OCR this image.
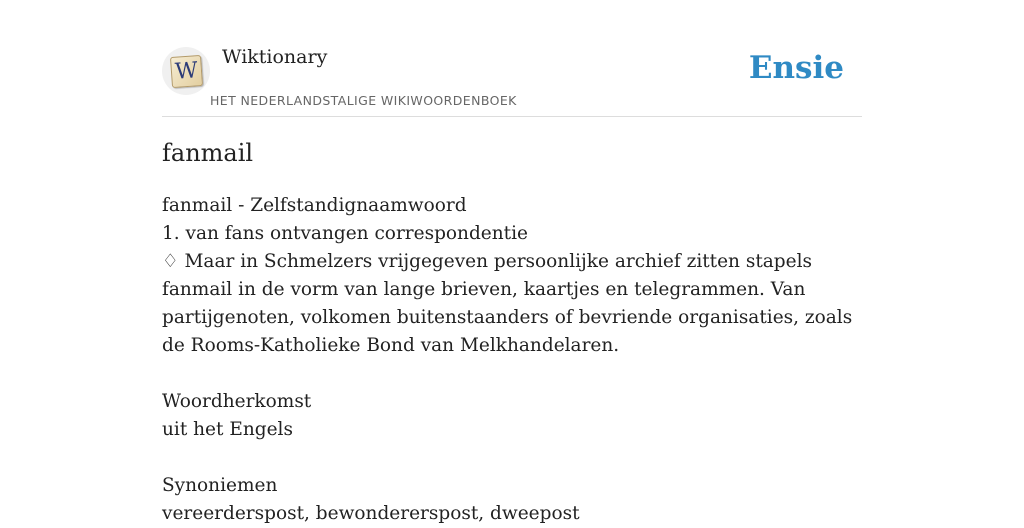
W
Wiktionary
HET NEDERLANDSTALIGE WIKIWOORDENBOEK
Ensie
fanmail

fanmail - Zelfstandignaamwoord

1. van fans ontvangen correspondentie

♢ Maar in Schmelzers vrijgegeven persoonlijke archief zitten stapels fanmail in de vorm van lange brieven, kaartjes en telegrammen. Van partijgenoten, volkomen buitenstaanders of bevriende organisaties, zoals de Rooms-Katholieke Bond van Melkhandelaren.

Woordherkomst

uit het Engels

Synoniemen

vereerderspost, bewondererspost, dweepost
